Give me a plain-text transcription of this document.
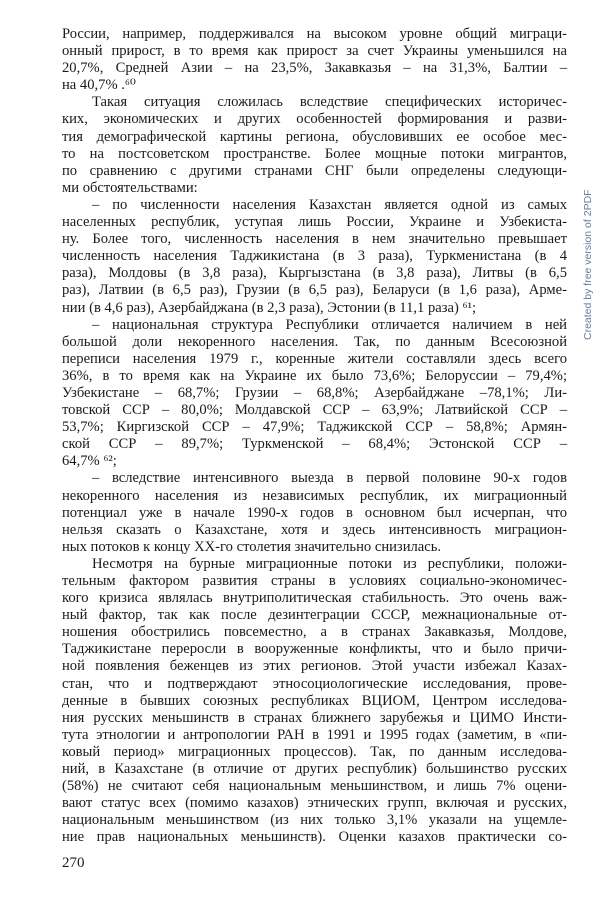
России, например, поддерживался на высоком уровне общий миграци-
онный прирост, в то время как прирост за счет Украины уменьшился на
20,7%, Средней Азии – на 23,5%, Закавказья – на 31,3%, Балтии –
на 40,7% .⁶⁰
Такая ситуация сложилась вследствие специфических историчес-
ких, экономических и других особенностей формирования и разви-
тия демографической картины региона, обусловивших ее особое мес-
то на постсоветском пространстве. Более мощные потоки мигрантов,
по сравнению с другими странами СНГ были определены следующи-
ми обстоятельствами:
– по численности населения Казахстан является одной из самых
населенных республик, уступая лишь России, Украине и Узбекиста-
ну. Более того, численность населения в нем значительно превышает
численность населения Таджикистана (в 3 раза), Туркменистана (в 4
раза), Молдовы (в 3,8 раза), Кыргызстана (в 3,8 раза), Литвы (в 6,5
раз), Латвии (в 6,5 раз), Грузии (в 6,5 раз), Беларуси (в 1,6 раза), Арме-
нии (в 4,6 раз), Азербайджана (в 2,3 раза), Эстонии (в 11,1 раза) ⁶¹;
– национальная структура Республики отличается наличием в ней
большой доли некоренного населения. Так, по данным Всесоюзной
переписи населения 1979 г., коренные жители составляли здесь всего
36%, в то время как на Украине их было 73,6%; Белоруссии – 79,4%;
Узбекистане – 68,7%; Грузии – 68,8%; Азербайджане –78,1%; Ли-
товской ССР – 80,0%; Молдавской ССР – 63,9%; Латвийской ССР –
53,7%; Киргизской ССР – 47,9%; Таджикской ССР – 58,8%; Армян-
ской ССР – 89,7%; Туркменской – 68,4%; Эстонской ССР –
64,7% ⁶²;
– вследствие интенсивного выезда в первой половине 90-х годов
некоренного населения из независимых республик, их миграционный
потенциал уже в начале 1990-х годов в основном был исчерпан, что
нельзя сказать о Казахстане, хотя и здесь интенсивность миграцион-
ных потоков к концу ХХ-го столетия значительно снизилась.
Несмотря на бурные миграционные потоки из республики, положи-
тельным фактором развития страны в условиях социально-экономичес-
кого кризиса являлась внутриполитическая стабильность. Это очень важ-
ный фактор, так как после дезинтеграции СССР, межнациональные от-
ношения обострились повсеместно, а в странах Закавказья, Молдове,
Таджикистане переросли в вооруженные конфликты, что и было причи-
ной появления беженцев из этих регионов. Этой участи избежал Казах-
стан, что и подтверждают этносоциологические исследования, прове-
денные в бывших союзных республиках ВЦИОМ, Центром исследова-
ния русских меньшинств в странах ближнего зарубежья и ЦИМО Инсти-
тута этнологии и антропологии РАН в 1991 и 1995 годах (заметим, в «пи-
ковый период» миграционных процессов). Так, по данным исследова-
ний, в Казахстане (в отличие от других республик) большинство русских
(58%) не считают себя национальным меньшинством, и лишь 7% оцени-
вают статус всех (помимо казахов) этнических групп, включая и русских,
национальным меньшинством (из них только 3,1% указали на ущемле-
ние прав национальных меньшинств). Оценки казахов практически со-
270
Created by free version of 2PDF
